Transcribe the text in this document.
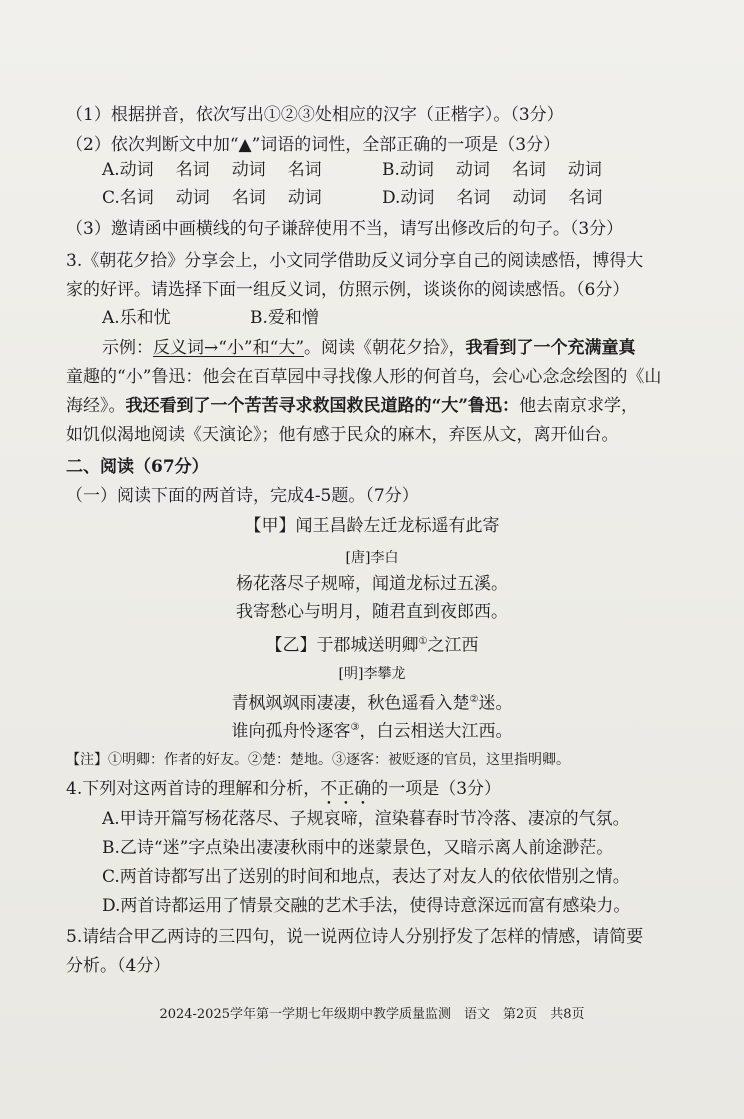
（1）根据拼音，依次写出①②③处相应的汉字（正楷字）。（3分）
（2）依次判断文中加“▲”词语的词性，全部正确的一项是（3分）
A.动词 名词 动词 名词	B.动词 动词 名词 动词
C.名词 动词 名词 动词	D.动词 名词 动词 名词
（3）邀请函中画横线的句子谦辞使用不当，请写出修改后的句子。（3分）
3.《朝花夕拾》分享会上，小文同学借助反义词分享自己的阅读感悟，博得大
家的好评。请选择下面一组反义词，仿照示例，谈谈你的阅读感悟。（6分）
A.乐和忧	B.爱和憎
示例：反义词→“小”和“大”。阅读《朝花夕拾》，我看到了一个充满童真
童趣的“小”鲁迅：他会在百草园中寻找像人形的何首乌，会心心念念绘图的《山
海经》。我还看到了一个苦苦寻求救国救民道路的“大”鲁迅：他去南京求学，
如饥似渴地阅读《天演论》；他有感于民众的麻木，弃医从文，离开仙台。
二、阅读（67分）
（一）阅读下面的两首诗，完成4-5题。（7分）
【甲】闻王昌龄左迁龙标遥有此寄
[唐]李白
杨花落尽子规啼，闻道龙标过五溪。
我寄愁心与明月，随君直到夜郎西。
【乙】于郡城送明卿①之江西
[明]李攀龙
青枫飒飒雨凄凄，秋色遥看入楚②迷。
谁向孤舟怜逐客③，白云相送大江西。
【注】①明卿：作者的好友。②楚：楚地。③逐客：被贬逐的官员，这里指明卿。
4.下列对这两首诗的理解和分析，不正确的一项是（3分）
A.甲诗开篇写杨花落尽、子规哀啼，渲染暮春时节冷落、凄凉的气氛。
B.乙诗“迷”字点染出凄凄秋雨中的迷蒙景色，又暗示离人前途渺茫。
C.两首诗都写出了送别的时间和地点，表达了对友人的依依惜别之情。
D.两首诗都运用了情景交融的艺术手法，使得诗意深远而富有感染力。
5.请结合甲乙两诗的三四句，说一说两位诗人分别抒发了怎样的情感，请简要
分析。（4分）
2024-2025学年第一学期七年级期中教学质量监测　语文　第2页　共8页
